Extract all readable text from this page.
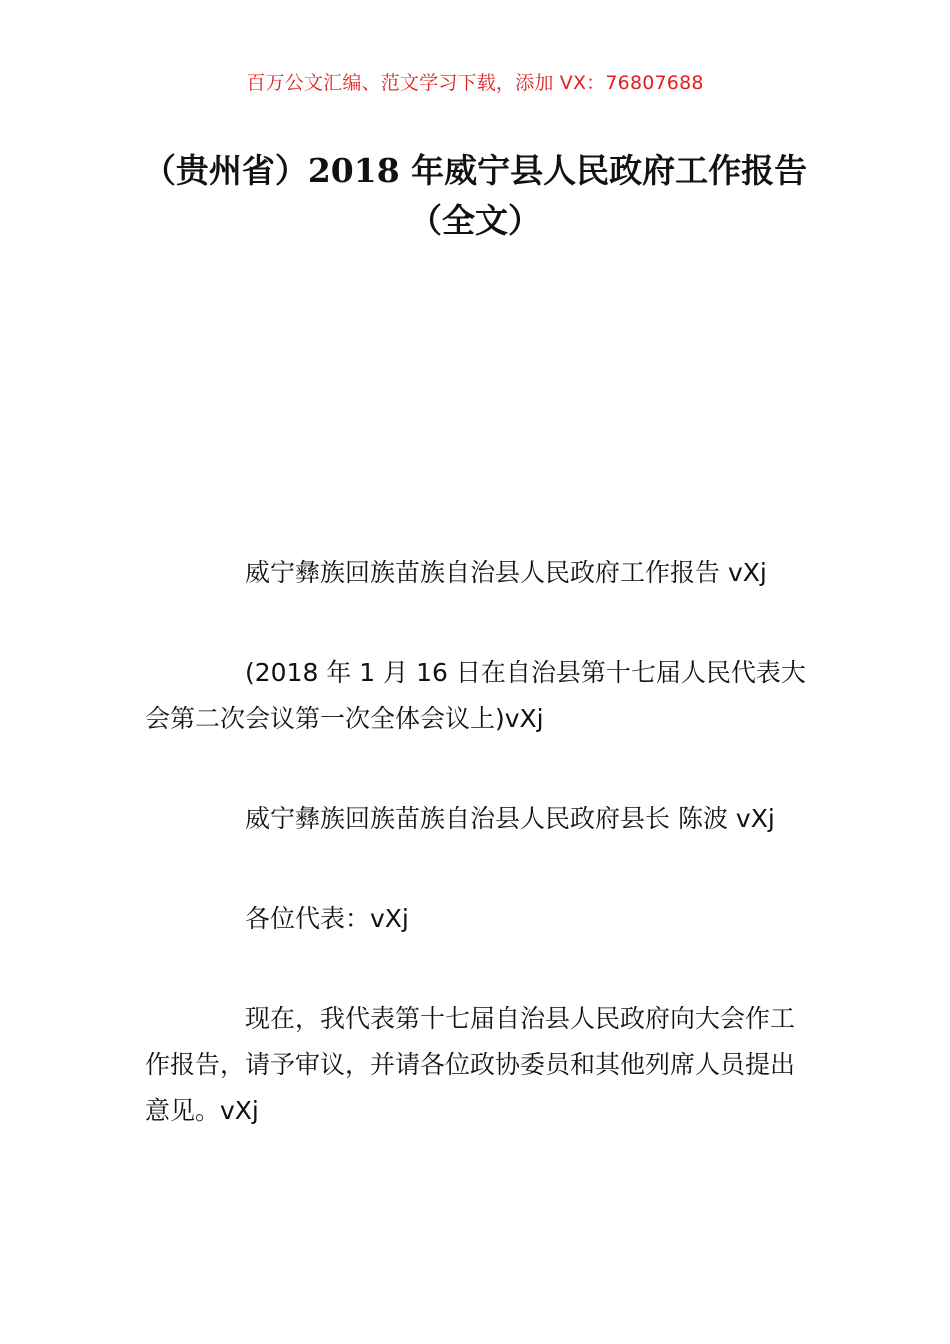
百万公文汇编、范文学习下载，添加 VX：76807688
（贵州省）2018 年威宁县人民政府工作报告（全文）

威宁彝族回族苗族自治县人民政府工作报告 vXj

(2018 年 1 月 16 日在自治县第十七届人民代表大会第二次会议第一次全体会议上)vXj

威宁彝族回族苗族自治县人民政府县长 陈波 vXj

各位代表：vXj

现在，我代表第十七届自治县人民政府向大会作工作报告，请予审议，并请各位政协委员和其他列席人员提出意见。vXj
